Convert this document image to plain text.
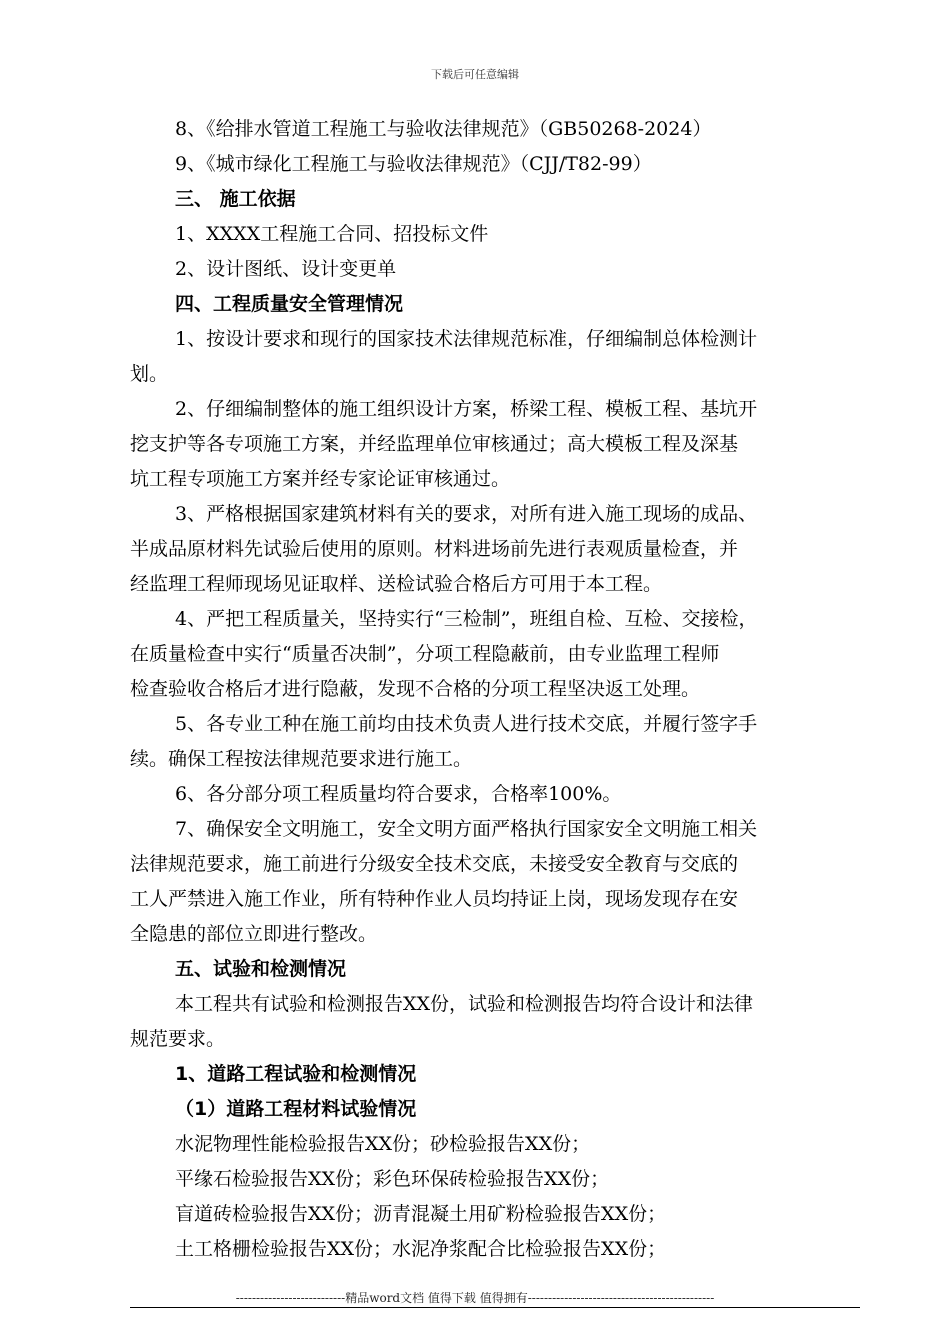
下载后可任意编辑
8、《给排水管道工程施工与验收法律规范》（GB50268-2024）
9、《城市绿化工程施工与验收法律规范》（CJJ/T82-99）
三、 施工依据
1、XXXX工程施工合同、招投标文件
2、设计图纸、设计变更单
四、工程质量安全管理情况
1、按设计要求和现行的国家技术法律规范标准，仔细编制总体检测计
划。
2、仔细编制整体的施工组织设计方案，桥梁工程、模板工程、基坑开
挖支护等各专项施工方案，并经监理单位审核通过；高大模板工程及深基
坑工程专项施工方案并经专家论证审核通过。
3、严格根据国家建筑材料有关的要求，对所有进入施工现场的成品、
半成品原材料先试验后使用的原则。材料进场前先进行表观质量检查，并
经监理工程师现场见证取样、送检试验合格后方可用于本工程。
4、严把工程质量关，坚持实行“三检制”，班组自检、互检、交接检，
在质量检查中实行“质量否决制”，分项工程隐蔽前，由专业监理工程师
检查验收合格后才进行隐蔽，发现不合格的分项工程坚决返工处理。
5、各专业工种在施工前均由技术负责人进行技术交底，并履行签字手
续。确保工程按法律规范要求进行施工。
6、各分部分项工程质量均符合要求，合格率100%。
7、确保安全文明施工，安全文明方面严格执行国家安全文明施工相关
法律规范要求，施工前进行分级安全技术交底，未接受安全教育与交底的
工人严禁进入施工作业，所有特种作业人员均持证上岗，现场发现存在安
全隐患的部位立即进行整改。
五、试验和检测情况
本工程共有试验和检测报告XX份，试验和检测报告均符合设计和法律
规范要求。
1、道路工程试验和检测情况
（1）道路工程材料试验情况
水泥物理性能检验报告XX份；砂检验报告XX份；
平缘石检验报告XX份；彩色环保砖检验报告XX份；
盲道砖检验报告XX份；沥青混凝土用矿粉检验报告XX份；
土工格栅检验报告XX份；水泥净浆配合比检验报告XX份；
---------------------------精品word文档 值得下载 值得拥有----------------------------------------------
